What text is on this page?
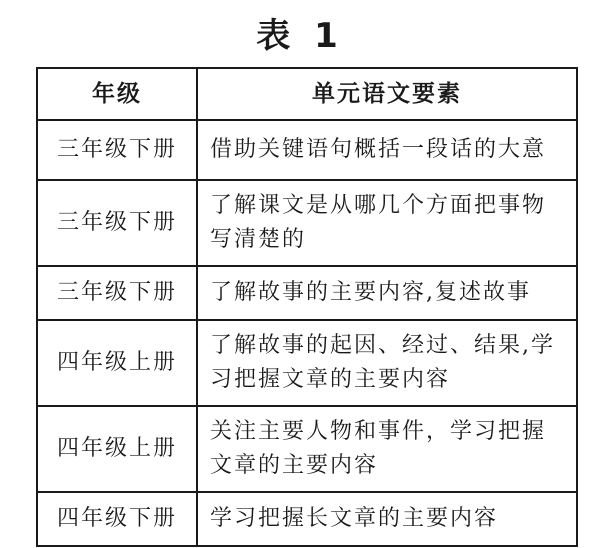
表 1
年级	单元语文要素
三年级下册	借助关键语句概括一段话的大意
三年级下册	了解课文是从哪几个方面把事物写清楚的
三年级下册	了解故事的主要内容,复述故事
四年级上册	了解故事的起因、经过、结果,学习把握文章的主要内容
四年级上册	关注主要人物和事件，学习把握文章的主要内容
四年级下册	学习把握长文章的主要内容
